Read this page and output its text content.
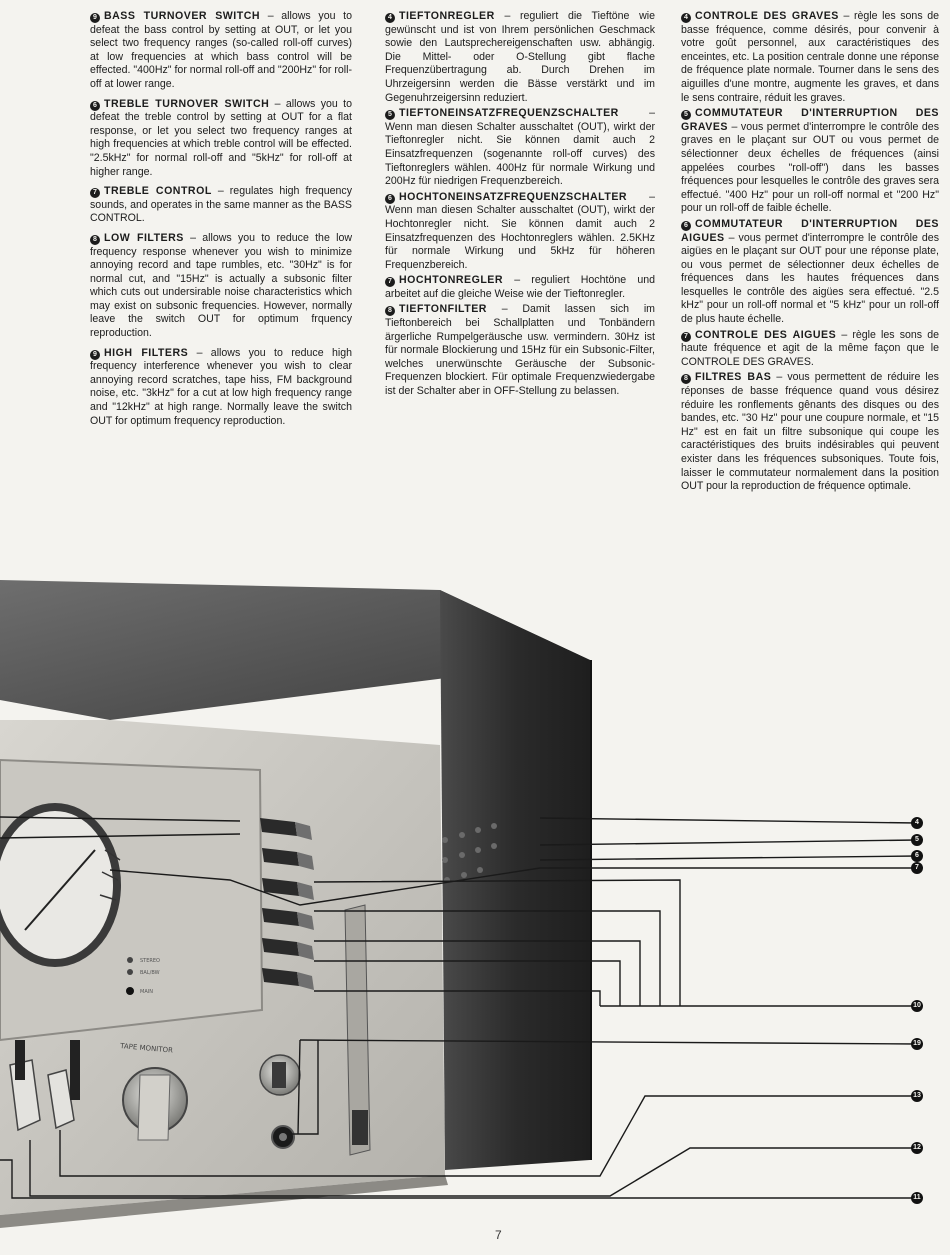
9 BASS TURNOVER SWITCH – allows you to defeat the bass control by setting at OUT, or let you select two frequency ranges (so-called roll-off curves) at low frequencies at which bass control will be effected. "400Hz" for normal roll-off and "200Hz" for roll-off at lower range.

6 TREBLE TURNOVER SWITCH – allows you to defeat the treble control by setting at OUT for a flat response, or let you select two frequency ranges at high frequencies at which treble control will be effected. "2.5kHz" for normal roll-off and "5kHz" for roll-off at higher range.

7 TREBLE CONTROL – regulates high frequency sounds, and operates in the same manner as the BASS CONTROL.

8 LOW FILTERS – allows you to reduce the low frequency response whenever you wish to minimize annoying record and tape rumbles, etc. "30Hz" is for normal cut, and "15Hz" is actually a subsonic filter which cuts out undersirable noise characteristics which may exist on subsonic frequencies. However, normally leave the switch OUT for optimum frquency reproduction.

9 HIGH FILTERS – allows you to reduce high frequency interference whenever you wish to clear annoying record scratches, tape hiss, FM background noise, etc. "3kHz" for a cut at low high frequency range and "12kHz" at high range. Normally leave the switch OUT for optimum frequency reproduction.

4 TIEFTONREGLER – reguliert die Tieftöne wie gewünscht und ist von Ihrem persönlichen Geschmack sowie den Lautsprechereigenschaften usw. abhängig. Die Mittel- oder O-Stellung gibt flache Frequenzübertragung ab. Durch Drehen im Uhrzeigersinn werden die Bässe verstärkt und im Gegenuhrzeigersinn reduziert.

5 TIEFTONEINSATZFREQUENZSCHALTER	– Wenn man diesen Schalter ausschaltet (OUT), wirkt der Tieftonregler nicht. Sie können damit auch 2 Einsatzfrequenzen (sogenannte roll-off curves) des Tieftonreglers wählen. 400Hz für normale Wirkung und 200Hz für niedrigen Frequenzbereich.

6 HOCHTONEINSATZFREQUENZSCHALTER – Wenn man diesen Schalter ausschaltet (OUT), wirkt der Hochtonregler nicht. Sie können damit auch 2 Einsatzfrequenzen des Hochtonreglers wählen. 2.5KHz für normale Wirkung und 5kHz für höheren Frequenzbereich.

7 HOCHTONREGLER – reguliert Hochtöne und arbeitet auf die gleiche Weise wie der Tieftonregler.

8 TIEFTONFILTER – Damit lassen sich im Tieftonbereich bei Schallplatten und Tonbändern ärgerliche Rumpelgeräusche usw. vermindern. 30Hz ist für normale Blockierung und 15Hz für ein Subsonic-Filter, welches unerwünschte Geräusche der Subsonic-Frequenzen blockiert. Für optimale Frequenzwiedergabe ist der Schalter aber in OFF-Stellung zu belassen.

4 CONTROLE DES GRAVES – règle les sons de basse fréquence, comme désirés, pour convenir à votre goût personnel, aux caractéristiques des enceintes, etc. La position centrale donne une réponse de fréquence plate normale. Tourner dans le sens des aiguilles d'une montre, augmente les graves, et dans le sens contraire, réduit les graves.

5 COMMUTATEUR D'INTERRUPTION DES GRAVES – vous permet d'interrompre le contrôle des graves en le plaçant sur OUT ou vous permet de sélectionner deux échelles de fréquences (ainsi appelées courbes "roll-off") dans les basses fréquences pour lesquelles le contrôle des graves sera effectué. "400 Hz" pour un roll-off normal et "200 Hz" pour un roll-off de faible échelle.

6 COMMUTATEUR D'INTERRUPTION DES AIGUES – vous permet d'interrompre le contrôle des aigües en le plaçant sur OUT pour une réponse plate, ou vous permet de sélectionner deux échelles de fréquences dans les hautes fréquences dans lesquelles le contrôle des aigües sera effectué. "2.5 kHz" pour un roll-off normal et "5 kHz" pour un roll-off de plus haute échelle.

7 CONTROLE DES AIGUES – règle les sons de haute fréquence et agit de la même façon que le CONTROLE DES GRAVES.

8 FILTRES BAS – vous permettent de réduire les réponses de basse fréquence quand vous désirez réduire les ronflements gênants des disques ou des bandes, etc. "30 Hz" pour une coupure normale, et "15 Hz" est en fait un filtre subsonique qui coupe les caractéristiques des bruits indésirables qui peuvent exister dans les fréquences subsoniques. Toute fois, laisser le commutateur normalement dans la position OUT pour la reproduction de fréquence optimale.

STEREO
BAL/BW
MAIN
TAPE MONITOR
4
5
6
7
10
19
13
12
11
7
